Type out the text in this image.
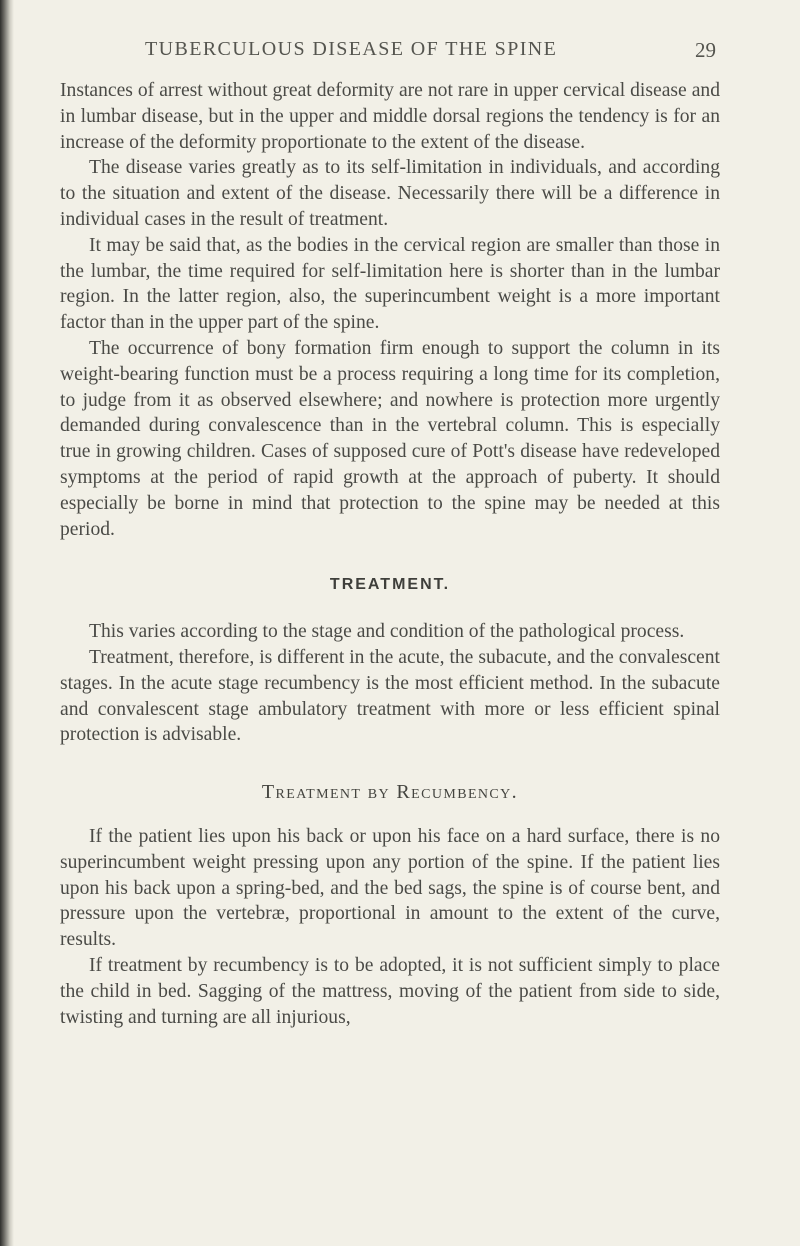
TUBERCULOUS DISEASE OF THE SPINE	29

Instances of arrest without great deformity are not rare in upper cervical disease and in lumbar disease, but in the upper and middle dorsal regions the tendency is for an increase of the deformity proportionate to the extent of the disease.

The disease varies greatly as to its self-limitation in individuals, and according to the situation and extent of the disease. Necessarily there will be a difference in individual cases in the result of treatment.

It may be said that, as the bodies in the cervical region are smaller than those in the lumbar, the time required for self-limitation here is shorter than in the lumbar region. In the latter region, also, the superincumbent weight is a more important factor than in the upper part of the spine.

The occurrence of bony formation firm enough to support the column in its weight-bearing function must be a process requiring a long time for its completion, to judge from it as observed elsewhere; and nowhere is protection more urgently demanded during convalescence than in the vertebral column. This is especially true in growing children. Cases of supposed cure of Pott's disease have redeveloped symptoms at the period of rapid growth at the approach of puberty. It should especially be borne in mind that protection to the spine may be needed at this period.

TREATMENT.

This varies according to the stage and condition of the pathological process.

Treatment, therefore, is different in the acute, the subacute, and the convalescent stages. In the acute stage recumbency is the most efficient method. In the subacute and convalescent stage ambulatory treatment with more or less efficient spinal protection is advisable.

Treatment by Recumbency.

If the patient lies upon his back or upon his face on a hard surface, there is no superincumbent weight pressing upon any portion of the spine. If the patient lies upon his back upon a spring-bed, and the bed sags, the spine is of course bent, and pressure upon the vertebræ, proportional in amount to the extent of the curve, results.

If treatment by recumbency is to be adopted, it is not sufficient simply to place the child in bed. Sagging of the mattress, moving of the patient from side to side, twisting and turning are all injurious,
